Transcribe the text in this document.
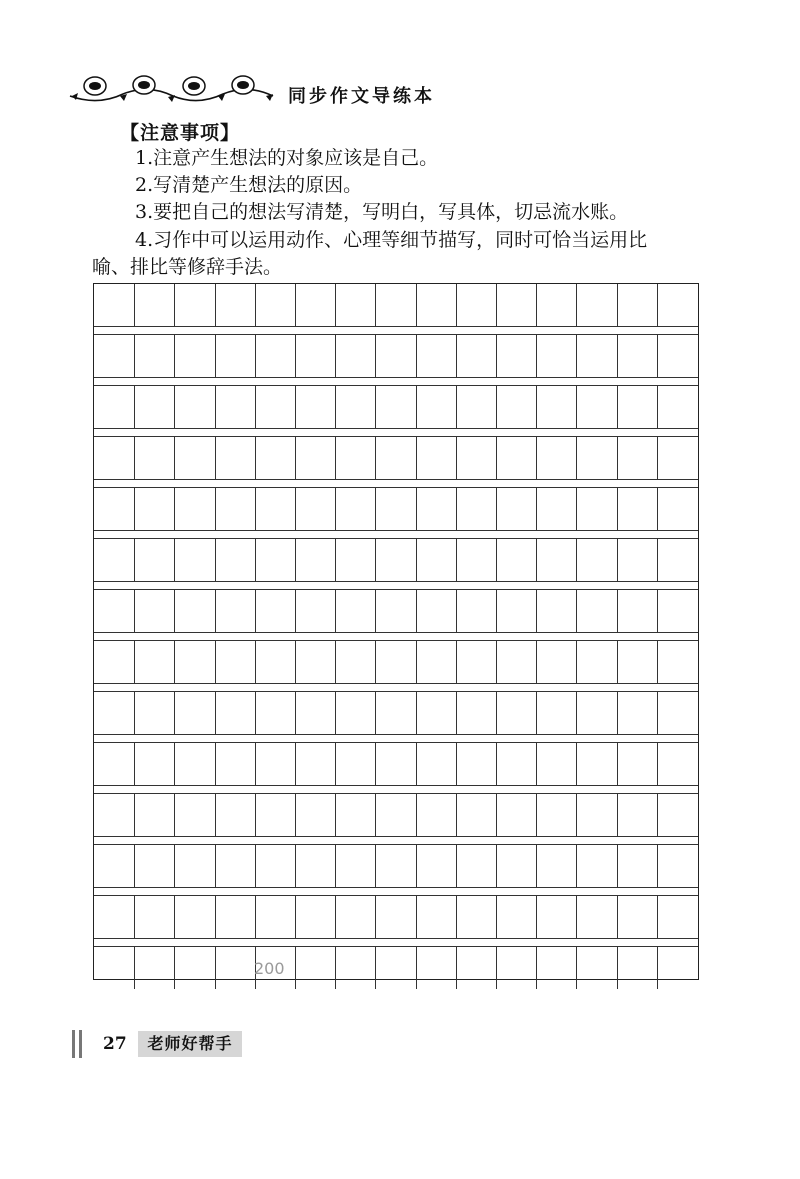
同步作文导练本
【注意事项】
1.注意产生想法的对象应该是自己。
2.写清楚产生想法的原因。
3.要把自己的想法写清楚，写明白，写具体，切忌流水账。
4.习作中可以运用动作、心理等细节描写，同时可恰当运用比
喻、排比等修辞手法。
200
27	老师好帮手
